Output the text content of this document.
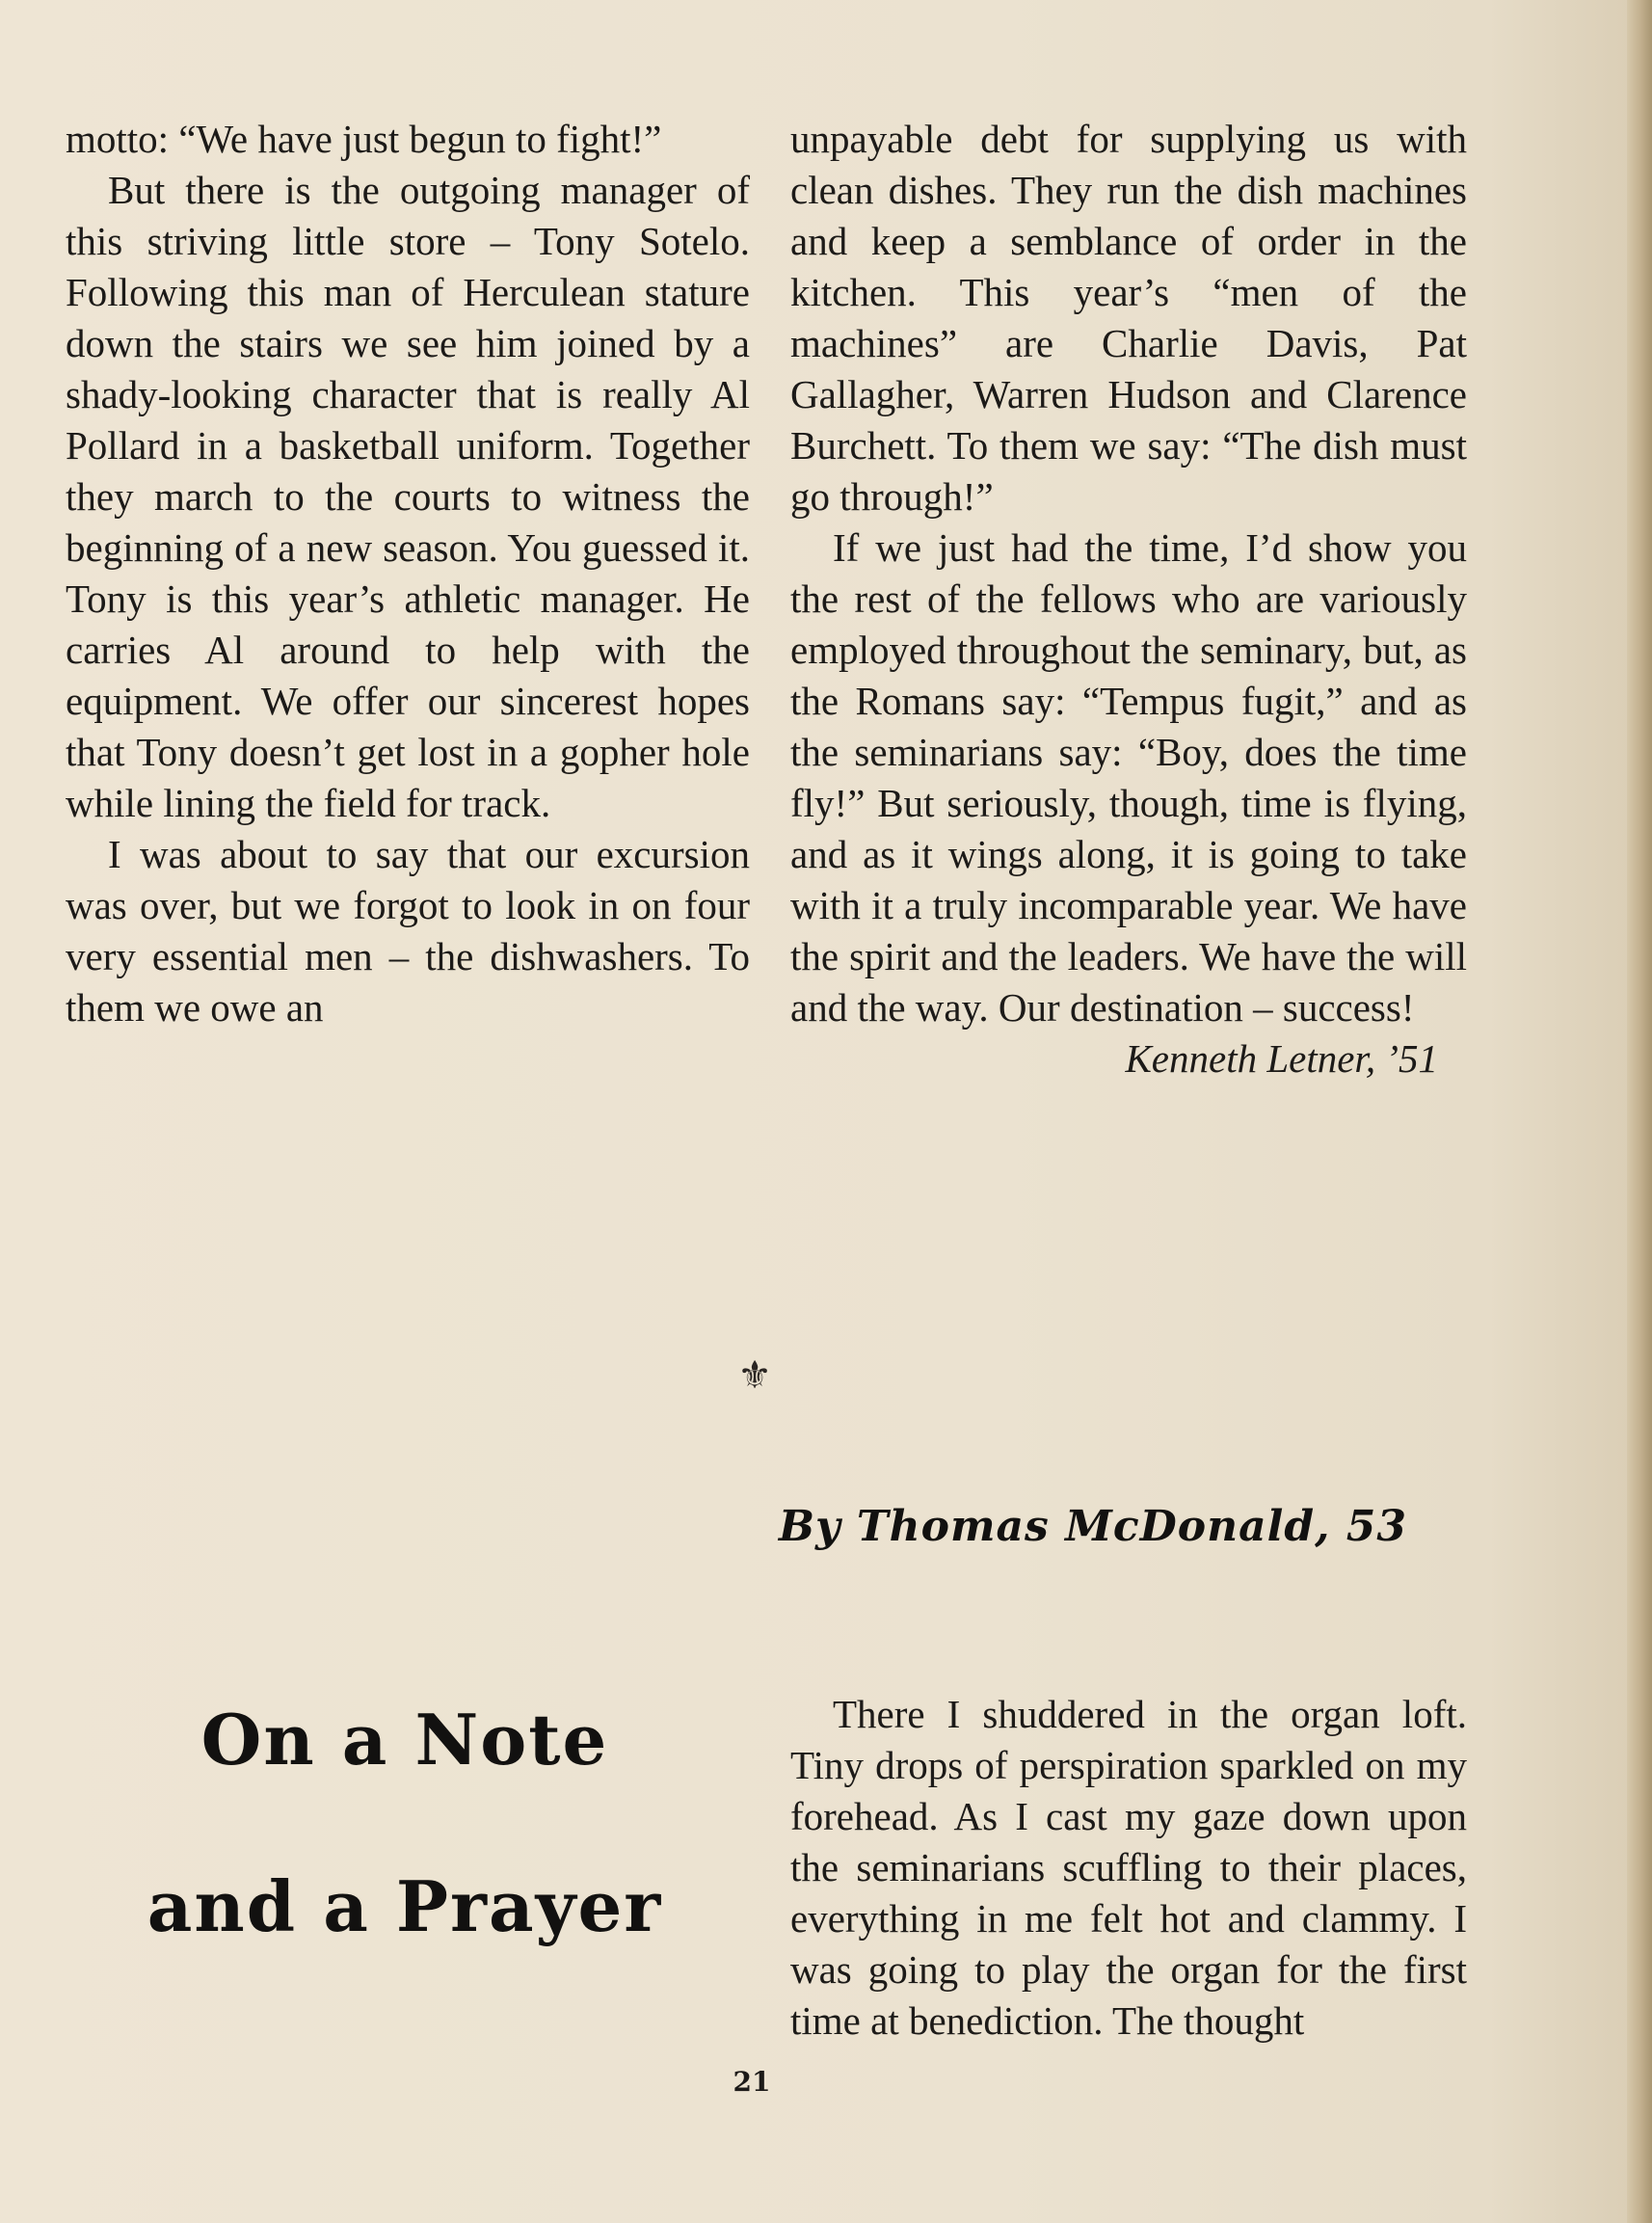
motto: “We have just begun to fight!”

But there is the outgoing manager of this striving little store – Tony Sotelo. Following this man of Herculean stature down the stairs we see him joined by a shady-looking character that is really Al Pollard in a basketball uniform. Together they march to the courts to witness the beginning of a new season. You guessed it. Tony is this year’s athletic manager. He carries Al around to help with the equipment. We offer our sincerest hopes that Tony doesn’t get lost in a gopher hole while lining the field for track.

I was about to say that our excursion was over, but we forgot to look in on four very essential men – the dishwashers. To them we owe an

unpayable debt for supplying us with clean dishes. They run the dish machines and keep a semblance of order in the kitchen. This year’s “men of the machines” are Charlie Davis, Pat Gallagher, Warren Hudson and Clarence Burchett. To them we say: “The dish must go through!”

If we just had the time, I’d show you the rest of the fellows who are variously employed throughout the seminary, but, as the Romans say: “Tempus fugit,” and as the seminarians say: “Boy, does the time fly!” But seriously, though, time is flying, and as it wings along, it is going to take with it a truly incomparable year. We have the spirit and the leaders. We have the will and the way. Our destination – success!

Kenneth Letner, ’51

⚜
By Thomas McDonald, 53
On a Note
and a Prayer

There I shuddered in the organ loft. Tiny drops of perspiration sparkled on my forehead. As I cast my gaze down upon the seminarians scuffling to their places, everything in me felt hot and clammy. I was going to play the organ for the first time at benediction. The thought

21
